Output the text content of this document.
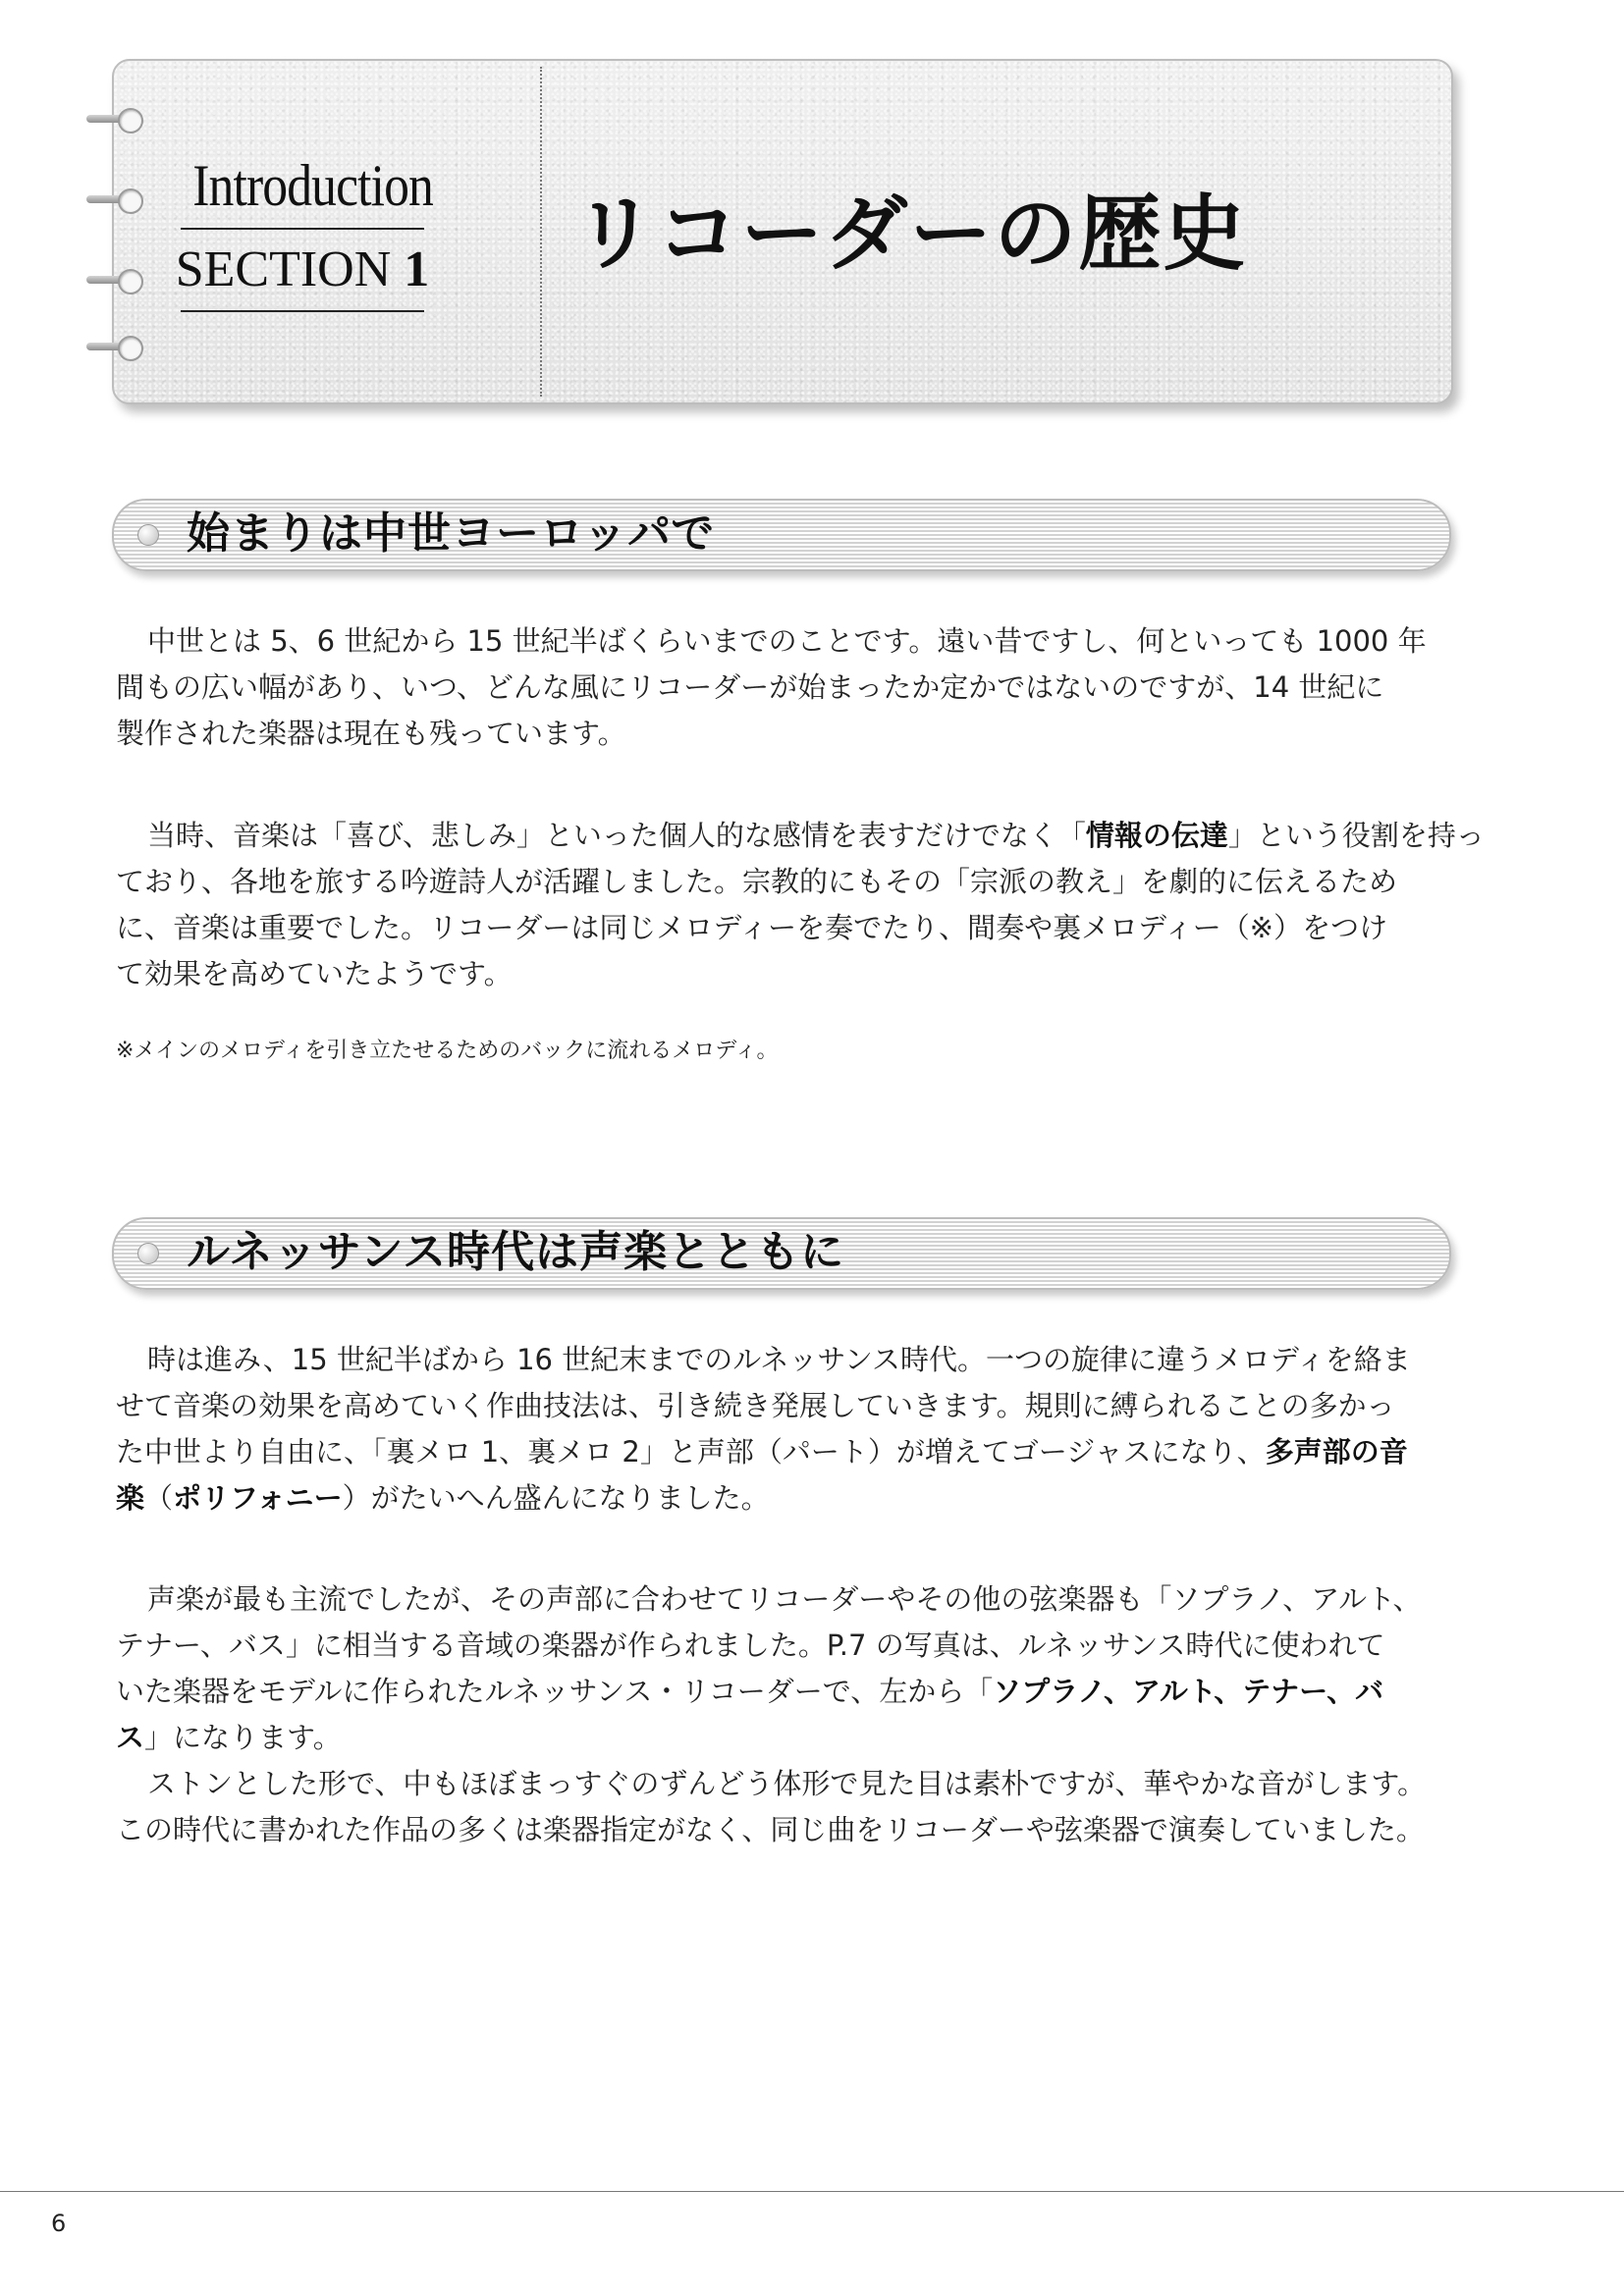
Introduction
SECTION 1 リコーダーの歴史
始まりは中世ヨーロッパで

中世とは 5、6 世紀から 15 世紀半ばくらいまでのことです。遠い昔ですし、何といっても 1000 年
間もの広い幅があり、いつ、どんな風にリコーダーが始まったか定かではないのですが、14 世紀に
製作された楽器は現在も残っています。

当時、音楽は「喜び、悲しみ」といった個人的な感情を表すだけでなく「情報の伝達」という役割を持っ
ており、各地を旅する吟遊詩人が活躍しました。宗教的にもその「宗派の教え」を劇的に伝えるため
に、音楽は重要でした。リコーダーは同じメロディーを奏でたり、間奏や裏メロディー（※）をつけ
て効果を高めていたようです。

※メインのメロディを引き立たせるためのバックに流れるメロディ。

ルネッサンス時代は声楽とともに

時は進み、15 世紀半ばから 16 世紀末までのルネッサンス時代。一つの旋律に違うメロディを絡ま
せて音楽の効果を高めていく作曲技法は、引き続き発展していきます。規則に縛られることの多かっ
た中世より自由に、「裏メロ 1、裏メロ 2」と声部（パート）が増えてゴージャスになり、多声部の音
楽（ポリフォニー）がたいへん盛んになりました。

声楽が最も主流でしたが、その声部に合わせてリコーダーやその他の弦楽器も「ソプラノ、アルト、
テナー、バス」に相当する音域の楽器が作られました。P.7 の写真は、ルネッサンス時代に使われて
いた楽器をモデルに作られたルネッサンス・リコーダーで、左から「ソプラノ、アルト、テナー、バ
ス」になります。

ストンとした形で、中もほぼまっすぐのずんどう体形で見た目は素朴ですが、華やかな音がします。
この時代に書かれた作品の多くは楽器指定がなく、同じ曲をリコーダーや弦楽器で演奏していました。

6
